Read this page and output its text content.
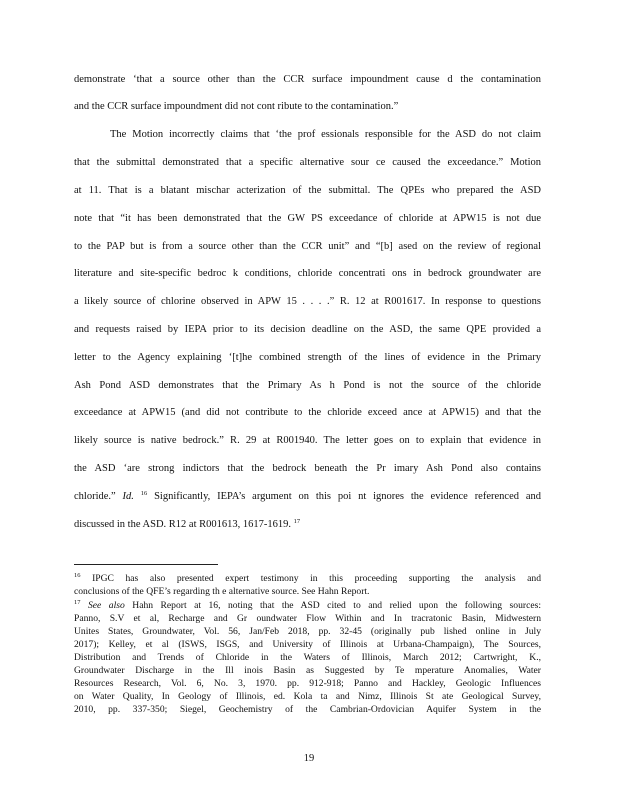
demonstrate ‘that a source other than the CCR surface impoundment cause d the contamination
and the CCR surface impoundment did not cont ribute to the contamination.”
The Motion incorrectly claims that ‘the prof essionals responsible for the ASD do not claim
that the submittal demonstrated that a specific alternative sour ce caused the exceedance.” Motion
at 11. That is a blatant mischar acterization of the submittal. The QPEs who prepared the ASD
note that “it has been demonstrated that the GW PS exceedance of chloride at APW15 is not due
to the PAP but is from a source other than the CCR unit” and “[b] ased on the review of regional
literature and site-specific bedroc k conditions, chloride concentrati ons in bedrock groundwater are
a likely source of chlorine observed in APW 15 . . . .” R. 12 at R001617. In response to questions
and requests raised by IEPA prior to its decision deadline on the ASD, the same QPE provided a
letter to the Agency explaining ‘[t]he combined strength of the lines of evidence in the Primary
Ash Pond ASD demonstrates that the Primary As h Pond is not the source of the chloride
exceedance at APW15 (and did not contribute to the chloride exceed ance at APW15) and that the
likely source is native bedrock.” R. 29 at R001940. The letter goes on to explain that evidence in
the ASD ‘are strong indictors that the bedrock beneath the Pr imary Ash Pond also contains
chloride.” Id. $^{16}$ Significantly, IEPA’s argument on this poi nt ignores the evidence referenced and
discussed in the ASD. R12 at R001613, 1617-1619. $^{17}$
$^{16}$ IPGC has also presented expert testimony in this proceeding supporting the analysis and
conclusions of the QFE’s regarding th e alternative source. See Hahn Report.
$^{17}$ See also Hahn Report at 16, noting that the ASD cited to and relied upon the following sources:
Panno, S.V et al, Recharge and Gr oundwater Flow Within and In tracratonic Basin, Midwestern
Unites States, Groundwater, Vol. 56, Jan/Feb 2018, pp. 32-45 (originally pub lished online in July
2017); Kelley, et al (ISWS, ISGS, and University of Illinois at Urbana-Champaign), The Sources,
Distribution and Trends of Chloride in the Waters of Illinois, March 2012; Cartwright, K.,
Groundwater Discharge in the Ill inois Basin as Suggested by Te mperature Anomalies, Water
Resources Research, Vol. 6, No. 3, 1970. pp. 912-918; Panno and Hackley, Geologic Influences
on Water Quality, In Geology of Illinois, ed. Kola ta and Nimz, Illinois St ate Geological Survey,
2010, pp. 337-350; Siegel, Geochemistry of the Cambrian-Ordovician Aquifer System in the
19
